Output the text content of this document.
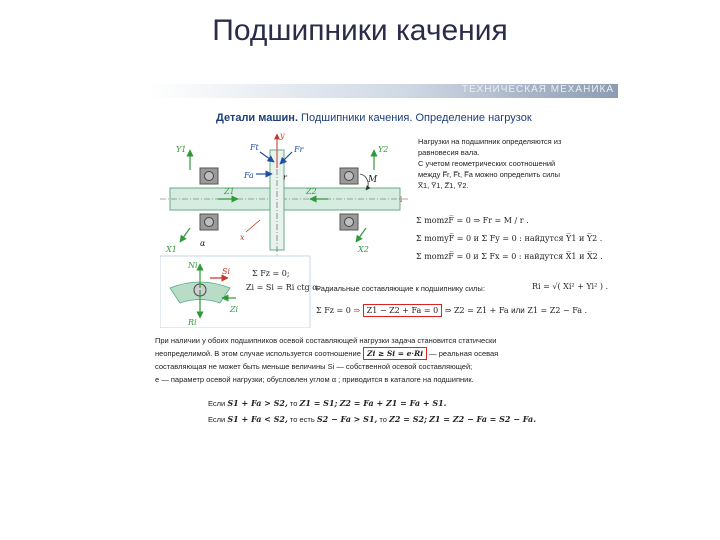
Подшипники качения
ТЕХНИЧЕСКАЯ МЕХАНИКА
Детали машин. Подшипники качения. Определение нагрузок
y
Ft	Fr
Fa	r	M
Y1
X1
Z1
Y2
X2
Z2
α
x
l
Ni
Ri
Si
Zi
Σ Fz = 0;
Zi = Si = Ri ctg α.
Нагрузки на подшипник определяются из
равновесия вала.
С учетом геометрических соотношений
между F̅r, F̅t, F̅a можно определить силы
X̅1, Y̅1, Z̅1, Y̅2.
Σ momzF̅ = 0 ⇒ Fr = M / r .
Σ momyF̅ = 0 и Σ Fy = 0 : найдутся Y̅1 и Y̅2 .
Σ momzF̅ = 0 и Σ Fx = 0 : найдутся X̅1 и X̅2 .
Радиальные составляющие к подшипнику силы:	Ri = √( Xi² + Yi² ) .
Σ Fz = 0 ⇒ Z1 − Z2 + Fa = 0 ⇒ Z2 = Z1 + Fa или Z1 = Z2 − Fa .
При наличии у обоих подшипников осевой составляющей нагрузки задача становится статически
неопределимой. В этом случае используется соотношение Zi ≥ Si = e·Ri — реальная осевая
составляющая не может быть меньше величины Si — собственной осевой составляющей;
e — параметр осевой нагрузки; обусловлен углом α ; приводится в каталоге на подшипник.
Если S1 + Fa > S2, то Z1 = S1; Z2 = Fa + Z1 = Fa + S1.
Если S1 + Fa < S2, то есть S2 − Fa > S1, то Z2 = S2; Z1 = Z2 − Fa = S2 − Fa.
